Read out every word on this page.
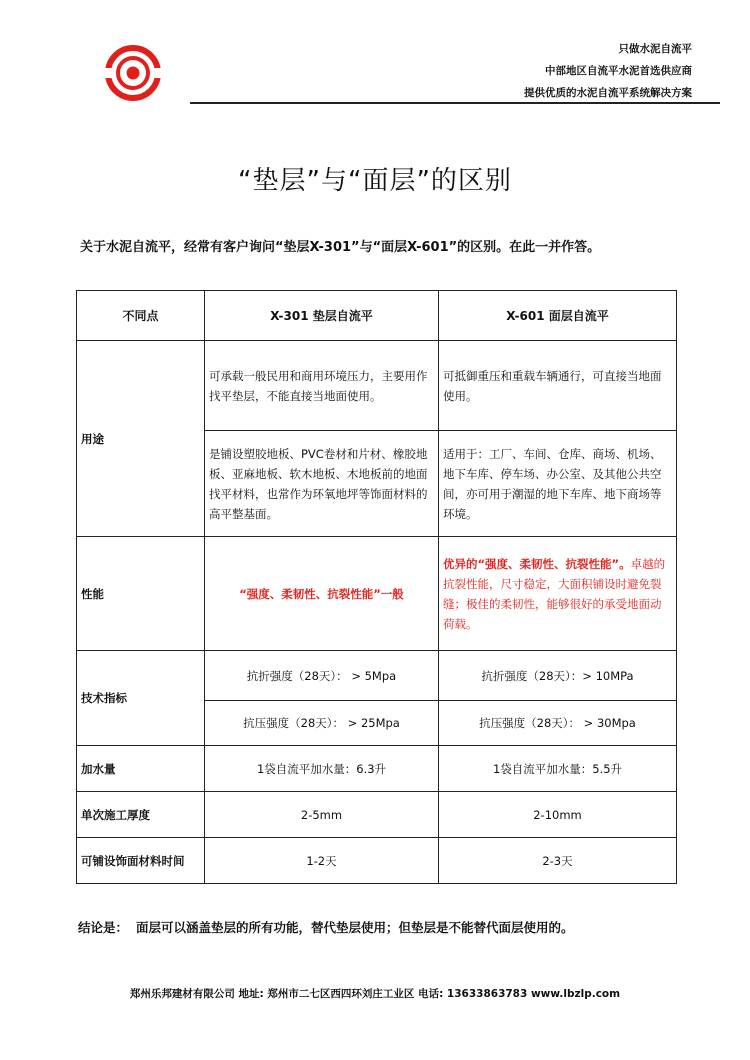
只做水泥自流平
中部地区自流平水泥首选供应商
提供优质的水泥自流平系统解决方案
“垫层”与“面层”的区别
关于水泥自流平，经常有客户询问“垫层X-301”与“面层X-601”的区别。在此一并作答。
不同点	X-301 垫层自流平	X-601 面层自流平
用途	可承载一般民用和商用环境压力，主要用作找平垫层，不能直接当地面使用。	可抵御重压和重载车辆通行，可直接当地面使用。
	是铺设塑胶地板、PVC卷材和片材、橡胶地板、亚麻地板、软木地板、木地板前的地面找平材料，也常作为环氧地坪等饰面材料的高平整基面。	适用于：工厂、车间、仓库、商场、机场、地下车库、停车场、办公室、及其他公共空间，亦可用于潮湿的地下车库、地下商场等环境。
性能	“强度、柔韧性、抗裂性能”一般	优异的“强度、柔韧性、抗裂性能”。卓越的抗裂性能，尺寸稳定，大面积铺设时避免裂缝；极佳的柔韧性，能够很好的承受地面动荷载。
技术指标	抗折强度（28天）： > 5Mpa	抗折强度（28天）：> 10MPa
	抗压强度（28天）： > 25Mpa	抗压强度（28天）： > 30Mpa
加水量	1袋自流平加水量：6.3升	1袋自流平加水量：5.5升
单次施工厚度	2-5mm	2-10mm
可铺设饰面材料时间	1-2天	2-3天
结论是： 面层可以涵盖垫层的所有功能，替代垫层使用；但垫层是不能替代面层使用的。
郑州乐邦建材有限公司 地址: 郑州市二七区西四环刘庄工业区 电话: 13633863783 www.lbzlp.com
